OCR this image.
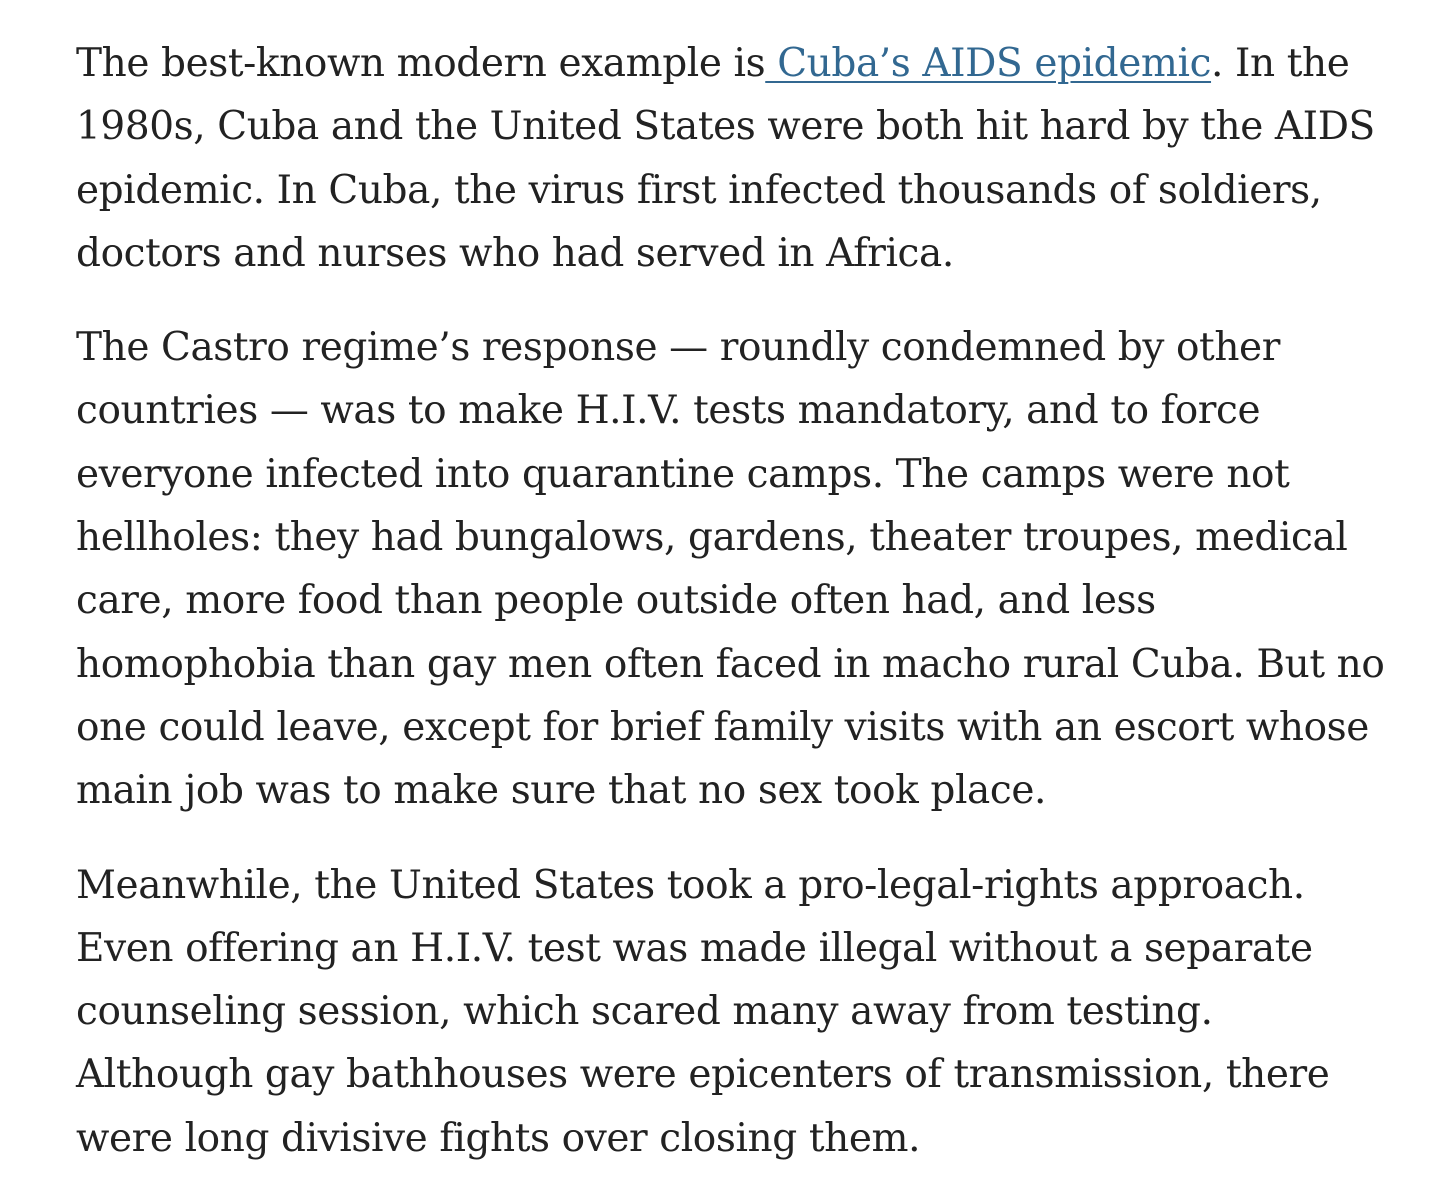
The best-known modern example is Cuba’s AIDS epidemic. In the
1980s, Cuba and the United States were both hit hard by the AIDS
epidemic. In Cuba, the virus first infected thousands of soldiers,
doctors and nurses who had served in Africa.

The Castro regime’s response — roundly condemned by other
countries — was to make H.I.V. tests mandatory, and to force
everyone infected into quarantine camps. The camps were not
hellholes: they had bungalows, gardens, theater troupes, medical
care, more food than people outside often had, and less
homophobia than gay men often faced in macho rural Cuba. But no
one could leave, except for brief family visits with an escort whose
main job was to make sure that no sex took place.

Meanwhile, the United States took a pro-legal-rights approach.
Even offering an H.I.V. test was made illegal without a separate
counseling session, which scared many away from testing.
Although gay bathhouses were epicenters of transmission, there
were long divisive fights over closing them.
